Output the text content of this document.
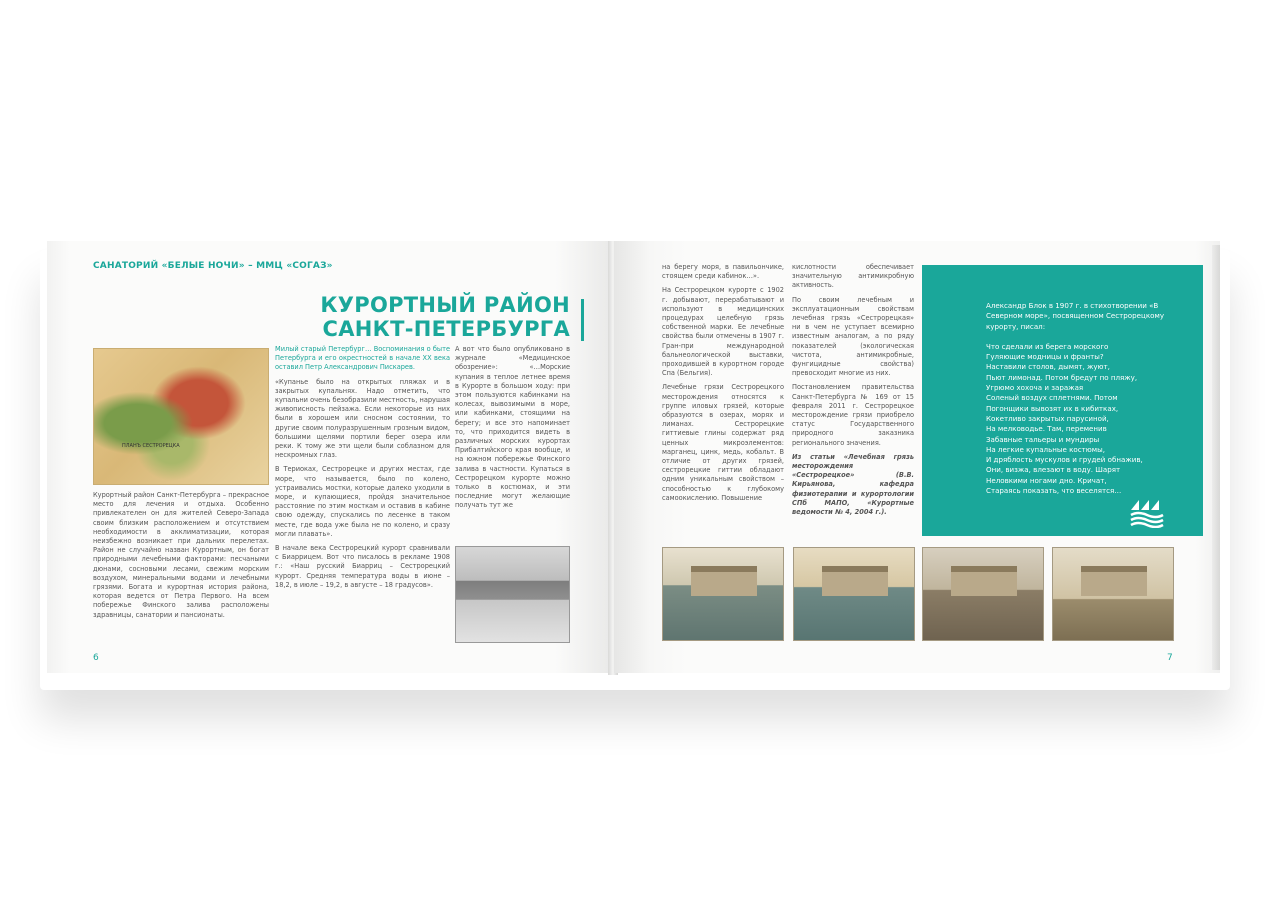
САНАТОРИЙ «БЕЛЫЕ НОЧИ» – ММЦ «СОГАЗ»
КУРОРТНЫЙ РАЙОН
САНКТ-ПЕТЕРБУРГА
ПЛАНЪ СЕСТРОРЕЦКА

Курортный район Санкт-Петербурга – прекрасное место для лечения и отдыха. Особенно привлекателен он для жителей Северо-Запада своим близким расположением и отсутствием необходимости в акклиматизации, которая неизбежно возникает при дальних перелетах. Район не случайно назван Курортным, он богат природными лечебными факторами: песчаными дюнами, сосновыми лесами, свежим морским воздухом, минеральными водами и лечебными грязями. Богата и курортная история района, которая ведется от Петра Первого. На всем побережье Финского залива расположены здравницы, санатории и пансионаты.

Милый старый Петербург… Воспоминания о быте Петербурга и его окрестностей в начале XX века оставил Петр Александрович Пискарев.

«Купанье было на открытых пляжах и в закрытых купальнях. Надо отметить, что купальни очень безобразили местность, нарушая живописность пейзажа. Если некоторые из них были в хорошем или сносном состоянии, то другие своим полуразрушенным грозным видом, большими щелями портили берег озера или реки. К тому же эти щели были соблазном для нескромных глаз.

В Териоках, Сестрорецке и других местах, где море, что называется, было по колено, устраивались мостки, которые далеко уходили в море, и купающиеся, пройдя значительное расстояние по этим мосткам и оставив в кабине свою одежду, спускались по лесенке в таком месте, где вода уже была не по колено, и сразу могли плавать».

В начале века Сестрорецкий курорт сравнивали с Биаррицем. Вот что писалось в рекламе 1908 г.: «Наш русский Биарриц – Сестрорецкий курорт. Средняя температура воды в июне – 18,2, в июле – 19,2, в августе – 18 градусов».

А вот что было опубликовано в журнале «Медицинское обозрение»: «…Морские купания в теплое летнее время в Курорте в большом ходу: при этом пользуются кабинками на колесах, вывозимыми в море, или кабинками, стоящими на берегу; и все это напоминает то, что приходится видеть в различных морских курортах Прибалтийского края вообще, и на южном побережье Финского залива в частности. Купаться в Сестрорецком курорте можно только в костюмах, и эти последние могут желающие получать тут же

6

на берегу моря, в павильончике, стоящем среди кабинок…».

На Сестрорецком курорте с 1902 г. добывают, перерабатывают и используют в медицинских процедурах целебную грязь собственной марки. Ее лечебные свойства были отмечены в 1907 г. Гран-при международной бальнеологической выставки, проходившей в курортном городе Спа (Бельгия).

Лечебные грязи Сестрорецкого месторождения относятся к группе иловых грязей, которые образуются в озерах, морях и лиманах. Сестрорецкие гиттиевые глины содержат ряд ценных микроэлементов: марганец, цинк, медь, кобальт. В отличие от других грязей, сестрорецкие гиттии обладают одним уникальным свойством – способностью к глубокому самоокислению. Повышение

кислотности обеспечивает значительную антимикробную активность.

По своим лечебным и эксплуатационным свойствам лечебная грязь «Сестрорецкая» ни в чем не уступает всемирно известным аналогам, а по ряду показателей (экологическая чистота, антимикробные, фунгицидные свойства) превосходит многие из них.

Постановлением правительства Санкт-Петербурга № 169 от 15 февраля 2011 г. Сестрорецкое месторождение грязи приобрело статус Государственного природного заказника регионального значения.

Из статьи «Лечебная грязь месторождения «Сестрорецкое» (В.В. Кирьянова, кафедра физиотерапии и курортологии СПб МАПО, «Курортные ведомости № 4, 2004 г.).

Александр Блок в 1907 г. в стихотворении «В Северном море», посвященном Сестрорецкому курорту, писал:

Что сделали из берега морского
Гуляющие модницы и франты?
Наставили столов, дымят, жуют,
Пьют лимонад. Потом бредут по пляжу,
Угрюмо хохоча и заражая
Соленый воздух сплетнями. Потом
Погонщики вывозят их в кибитках,
Кокетливо закрытых парусиной,
На мелководье. Там, переменив
Забавные тальеры и мундиры
На легкие купальные костюмы,
И дряблость мускулов и грудей обнажив,
Они, визжа, влезают в воду. Шарят
Неловкими ногами дно. Кричат,
Стараясь показать, что веселятся…
7
